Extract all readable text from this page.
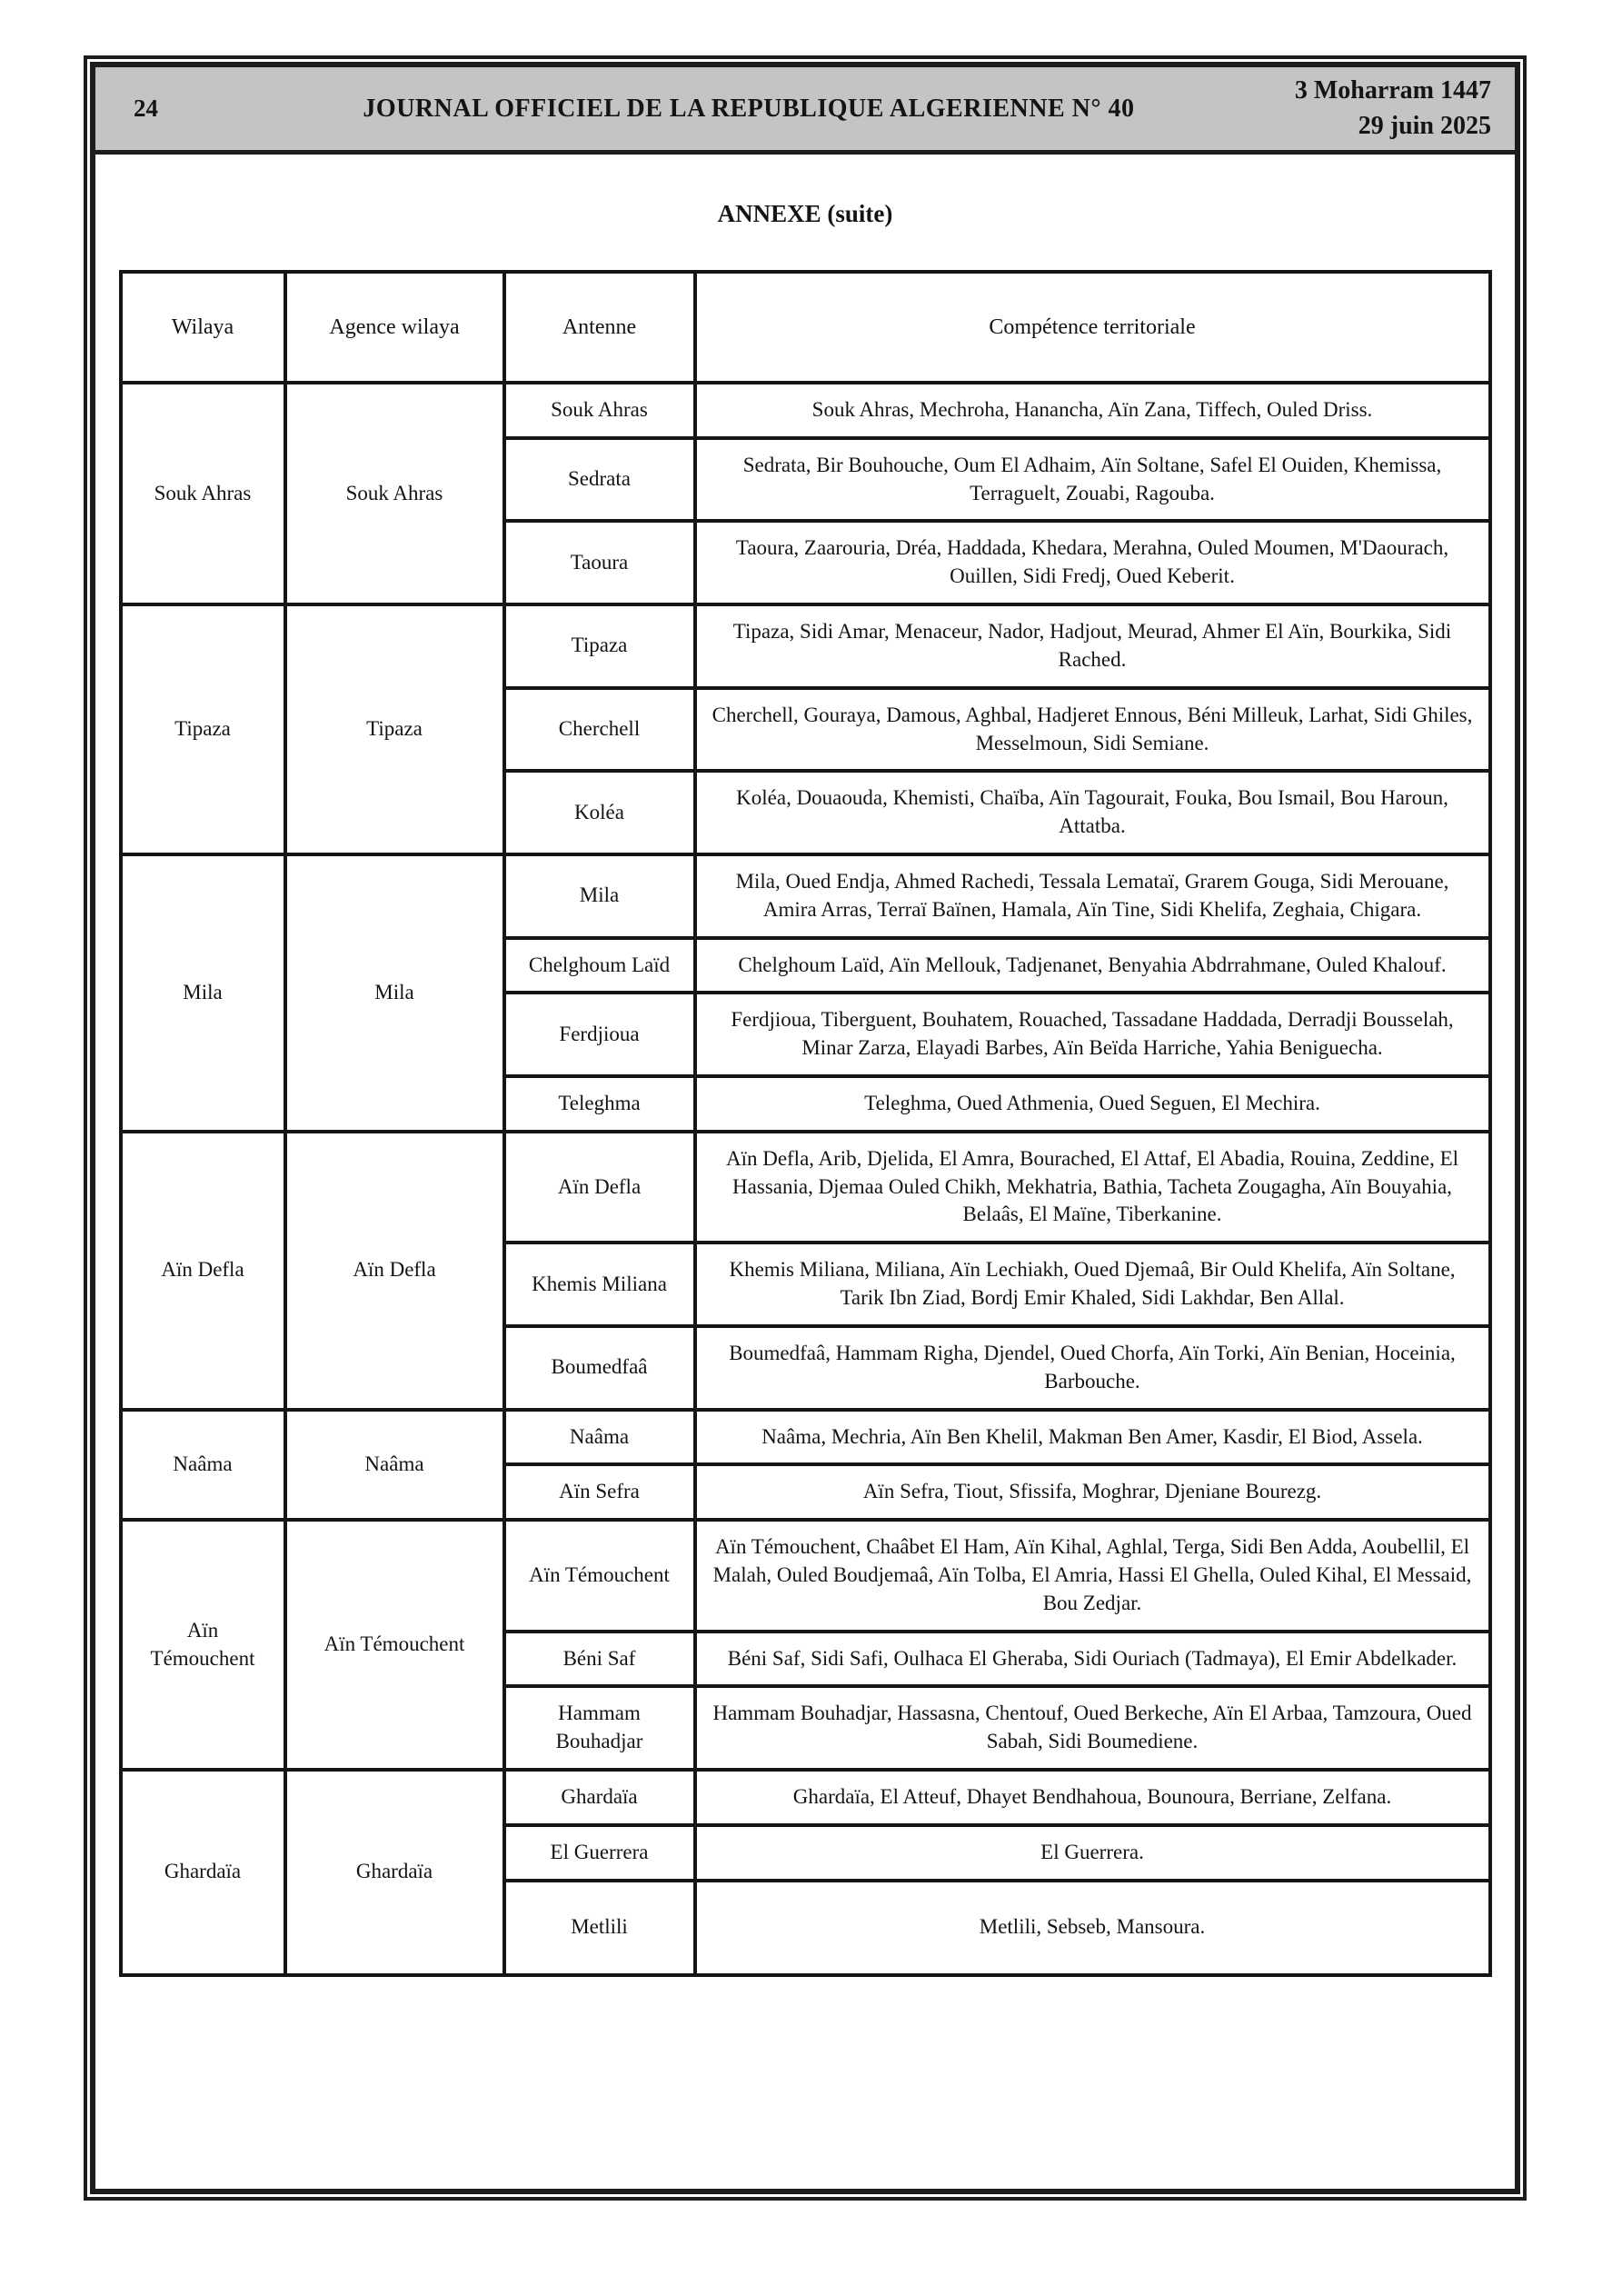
24	JOURNAL OFFICIEL DE LA REPUBLIQUE ALGERIENNE N° 40
3 Moharram 1447
29 juin 2025
ANNEXE (suite)
Wilaya	Agence wilaya	Antenne	Compétence territoriale
Souk Ahras	Souk Ahras	Souk Ahras	Souk Ahras, Mechroha, Hanancha, Aïn Zana, Tiffech, Ouled Driss.
		Sedrata	Sedrata, Bir Bouhouche, Oum El Adhaim, Aïn Soltane, Safel El Ouiden, Khemissa, Terraguelt, Zouabi, Ragouba.
		Taoura	Taoura, Zaarouria, Dréa, Haddada, Khedara, Merahna, Ouled Moumen, M'Daourach, Ouillen, Sidi Fredj, Oued Keberit.
Tipaza	Tipaza	Tipaza	Tipaza, Sidi Amar, Menaceur, Nador, Hadjout, Meurad, Ahmer El Aïn, Bourkika, Sidi Rached.
		Cherchell	Cherchell, Gouraya, Damous, Aghbal, Hadjeret Ennous, Béni Milleuk, Larhat, Sidi Ghiles, Messelmoun, Sidi Semiane.
		Koléa	Koléa, Douaouda, Khemisti, Chaïba, Aïn Tagourait, Fouka, Bou Ismail, Bou Haroun, Attatba.
Mila	Mila	Mila	Mila, Oued Endja, Ahmed Rachedi, Tessala Lemataï, Grarem Gouga, Sidi Merouane, Amira Arras, Terraï Baïnen, Hamala, Aïn Tine, Sidi Khelifa, Zeghaia, Chigara.
		Chelghoum Laïd	Chelghoum Laïd, Aïn Mellouk, Tadjenanet, Benyahia Abdrrahmane, Ouled Khalouf.
		Ferdjioua	Ferdjioua, Tiberguent, Bouhatem, Rouached, Tassadane Haddada, Derradji Bousselah, Minar Zarza, Elayadi Barbes, Aïn Beïda Harriche, Yahia Beniguecha.
		Teleghma	Teleghma, Oued Athmenia, Oued Seguen, El Mechira.
Aïn Defla	Aïn Defla	Aïn Defla	Aïn Defla, Arib, Djelida, El Amra, Bourached, El Attaf, El Abadia, Rouina, Zeddine, El Hassania, Djemaa Ouled Chikh, Mekhatria, Bathia, Tacheta Zougagha, Aïn Bouyahia, Belaâs, El Maïne, Tiberkanine.
		Khemis Miliana	Khemis Miliana, Miliana, Aïn Lechiakh, Oued Djemaâ, Bir Ould Khelifa, Aïn Soltane, Tarik Ibn Ziad, Bordj Emir Khaled, Sidi Lakhdar, Ben Allal.
		Boumedfaâ	Boumedfaâ, Hammam Righa, Djendel, Oued Chorfa, Aïn Torki, Aïn Benian, Hoceinia, Barbouche.
Naâma	Naâma	Naâma	Naâma, Mechria, Aïn Ben Khelil, Makman Ben Amer, Kasdir, El Biod, Assela.
		Aïn Sefra	Aïn Sefra, Tiout, Sfissifa, Moghrar, Djeniane Bourezg.
Aïn Témouchent	Aïn Témouchent	Aïn Témouchent	Aïn Témouchent, Chaâbet El Ham, Aïn Kihal, Aghlal, Terga, Sidi Ben Adda, Aoubellil, El Malah, Ouled Boudjemaâ, Aïn Tolba, El Amria, Hassi El Ghella, Ouled Kihal, El Messaid, Bou Zedjar.
		Béni Saf	Béni Saf, Sidi Safi, Oulhaca El Gheraba, Sidi Ouriach (Tadmaya), El Emir Abdelkader.
		Hammam Bouhadjar	Hammam Bouhadjar, Hassasna, Chentouf, Oued Berkeche, Aïn El Arbaa, Tamzoura, Oued Sabah, Sidi Boumediene.
Ghardaïa	Ghardaïa	Ghardaïa	Ghardaïa, El Atteuf, Dhayet Bendhahoua, Bounoura, Berriane, Zelfana.
		El Guerrera	El Guerrera.
		Metlili	Metlili, Sebseb, Mansoura.
